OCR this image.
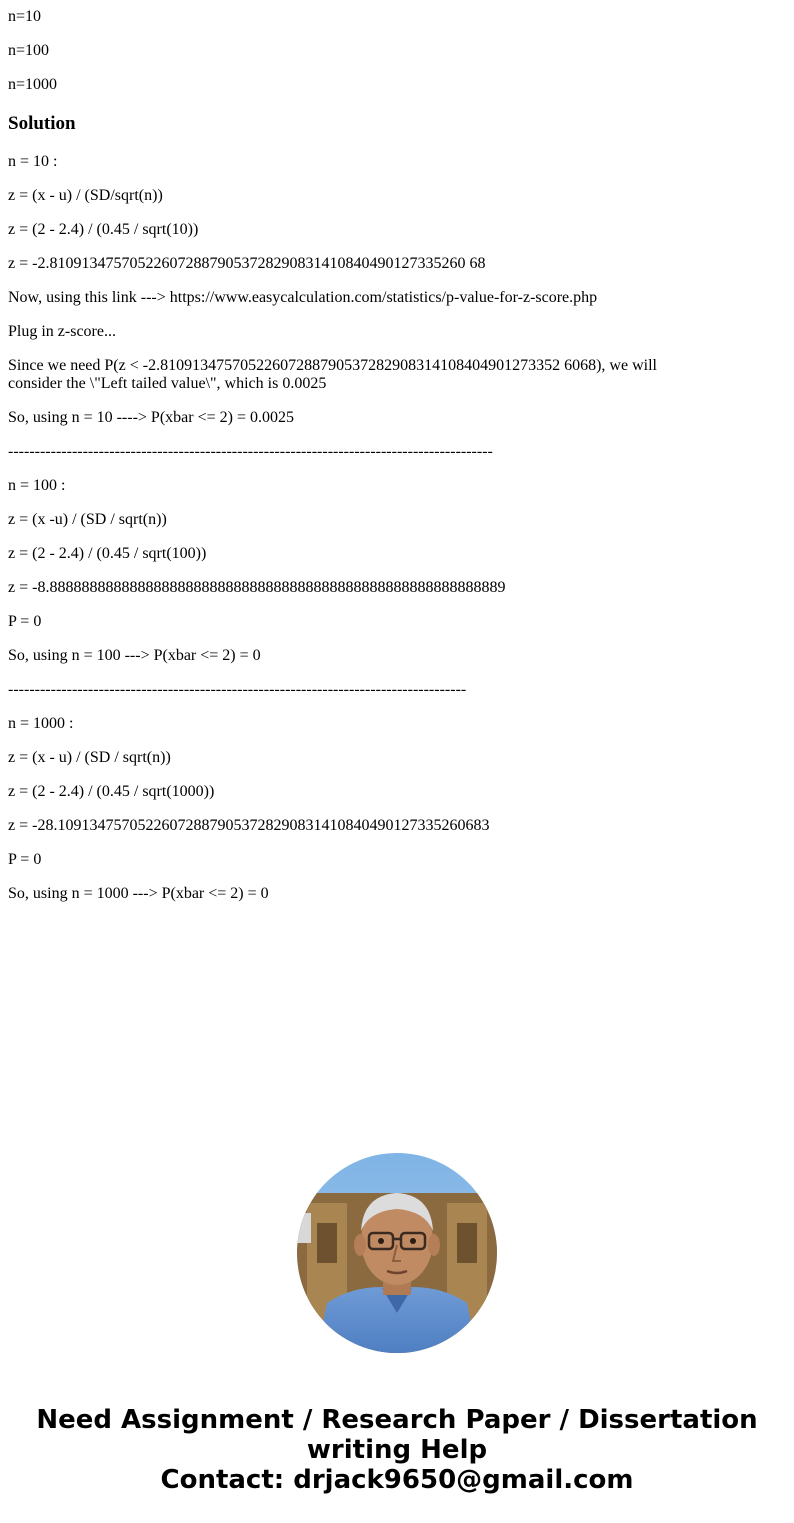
n=10

n=100

n=1000

Solution

n = 10 :

z = (x - u) / (SD/sqrt(n))

z = (2 - 2.4) / (0.45 / sqrt(10))

z = -2.8109134757052260728879053728290831410840490127335260 68

Now, using this link ---> https://www.easycalculation.com/statistics/p-value-for-z-score.php

Plug in z-score...

Since we need P(z < -2.81091347570522607288790537282908314108404901273352 6068), we will consider the \"Left tailed value\", which is 0.0025

So, using n = 10 ----> P(xbar <= 2) = 0.0025

-------------------------------------------------------------------------------------------

n = 100 :

z = (x -u) / (SD / sqrt(n))

z = (2 - 2.4) / (0.45 / sqrt(100))

z = -8.888888888888888888888888888888888888888888888888888888889

P = 0

So, using n = 100 ---> P(xbar <= 2) = 0

--------------------------------------------------------------------------------------

n = 1000 :

z = (x - u) / (SD / sqrt(n))

z = (2 - 2.4) / (0.45 / sqrt(1000))

z = -28.109134757052260728879053728290831410840490127335260683

P = 0

So, using n = 1000 ---> P(xbar <= 2) = 0

Need Assignment / Research Paper / Dissertation
writing Help
Contact: drjack9650@gmail.com
